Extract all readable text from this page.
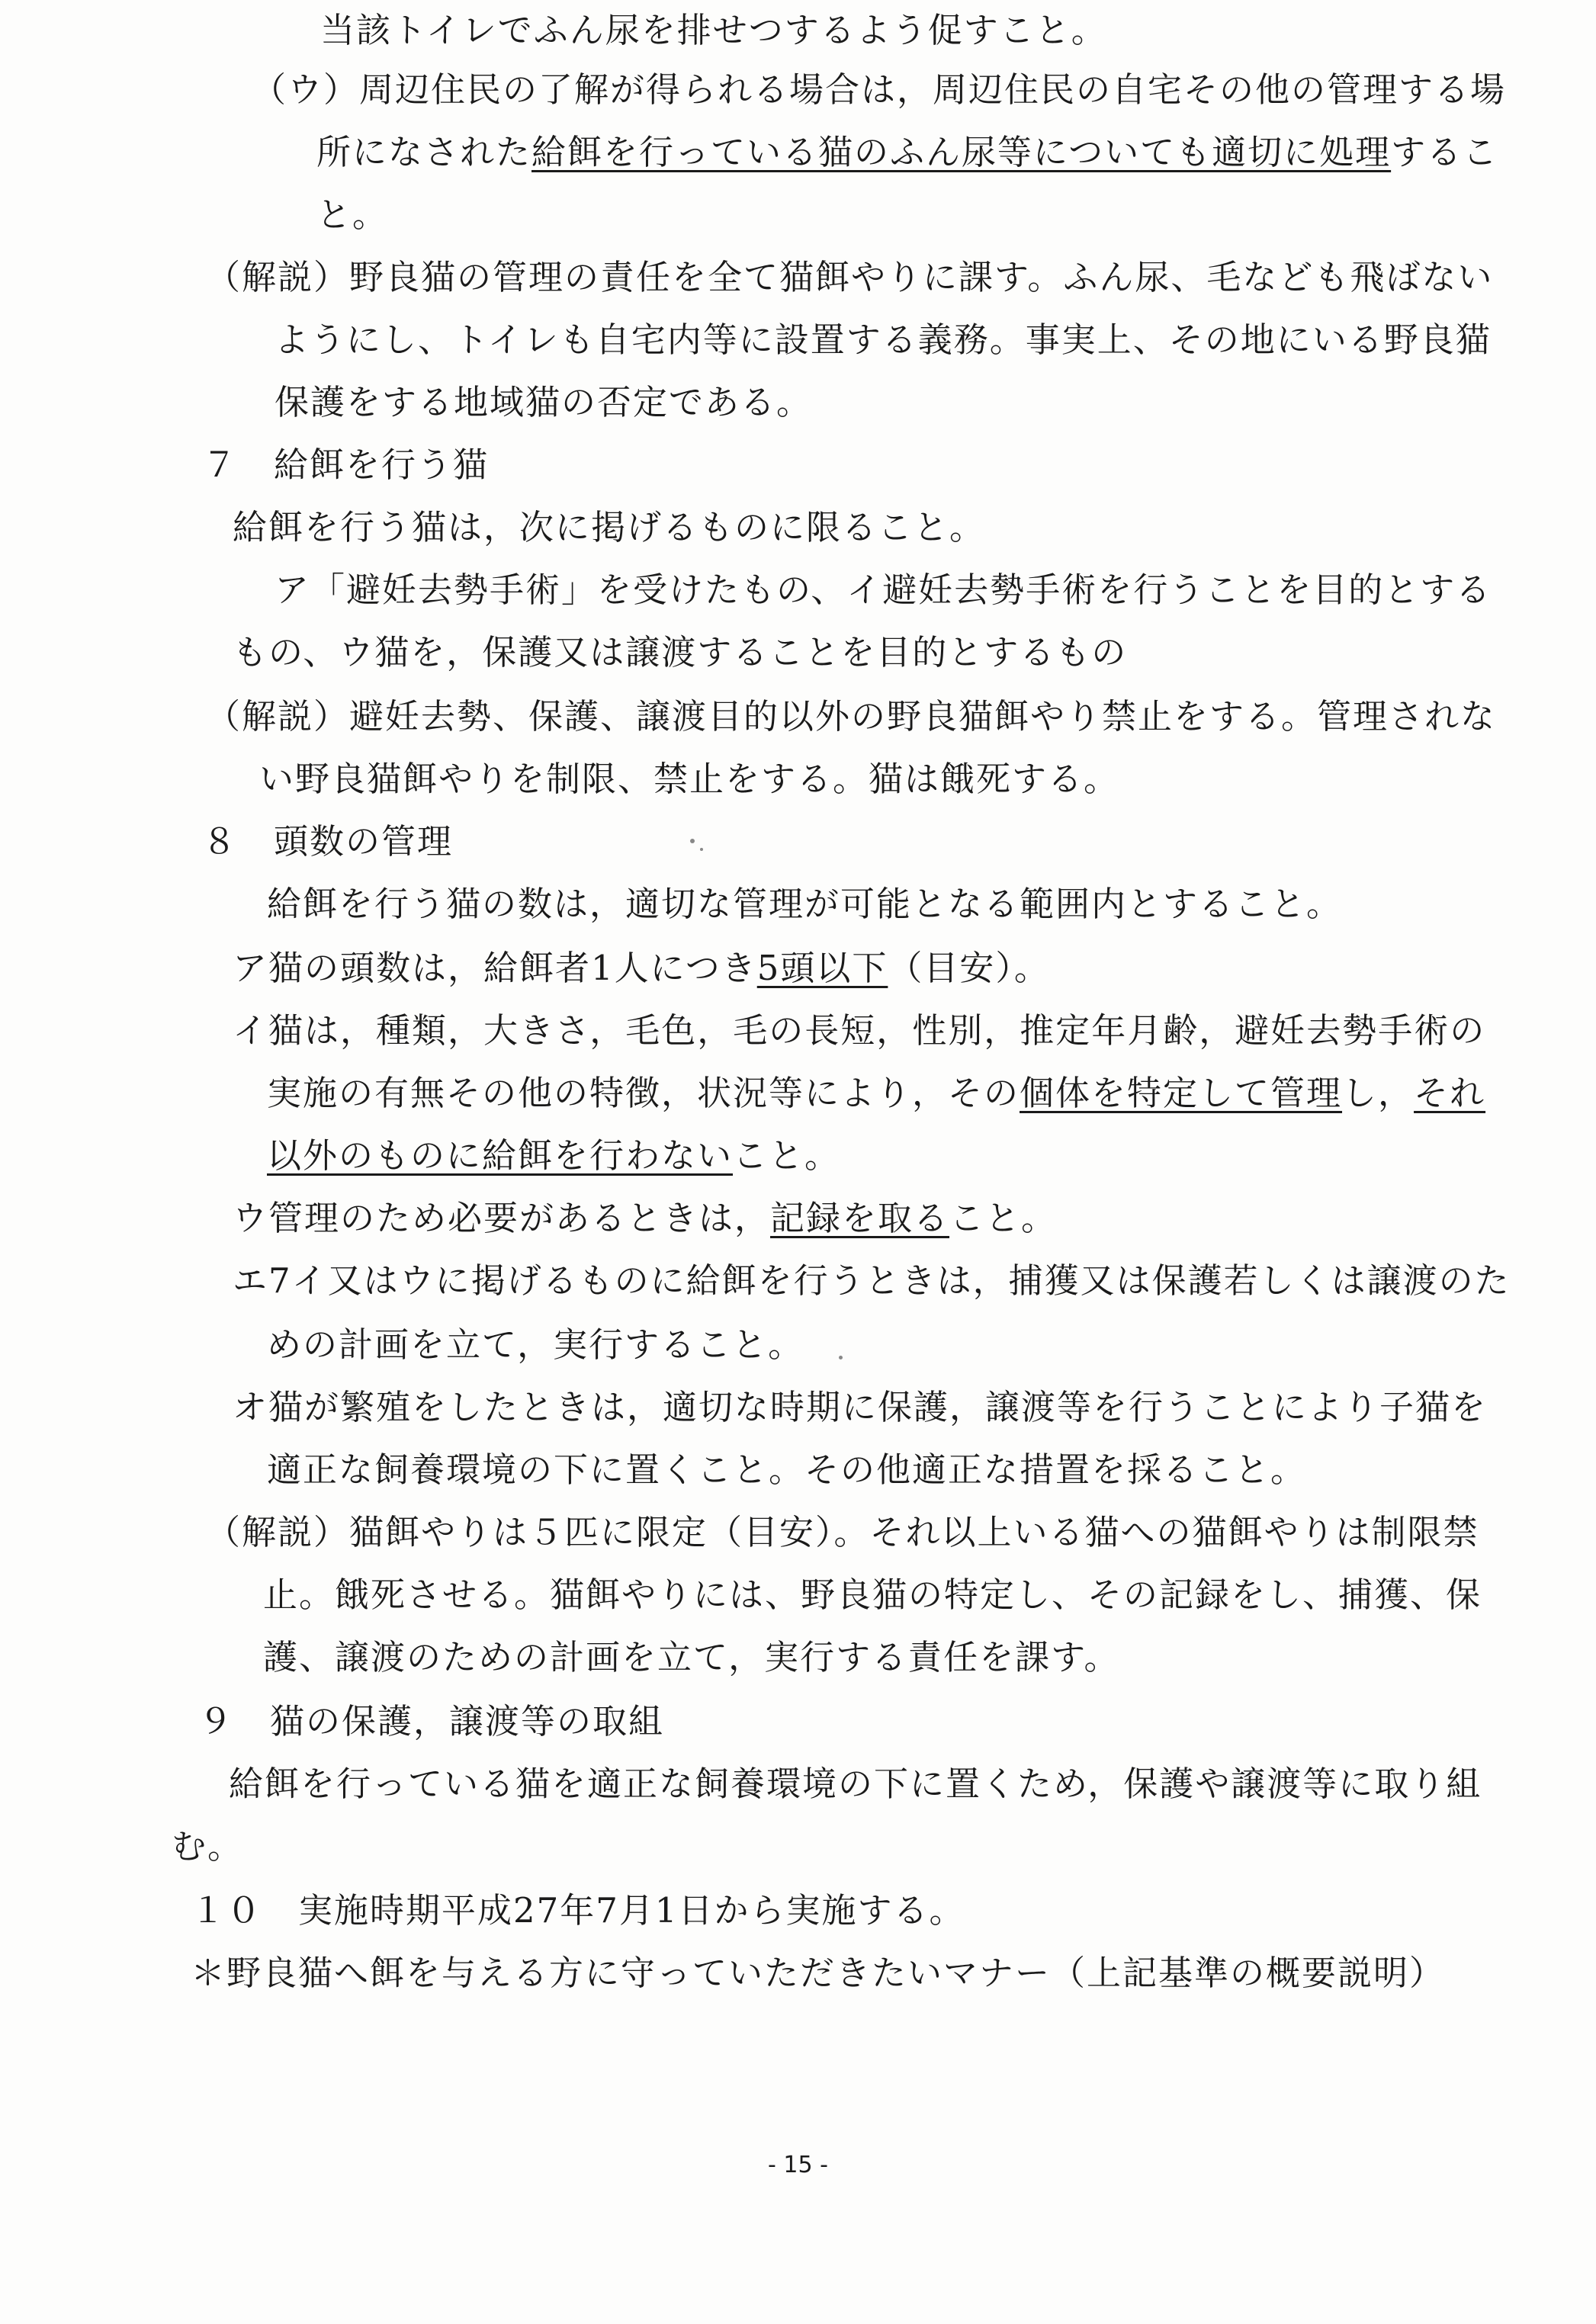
当該トイレでふん尿を排せつするよう促すこと。
（ウ）周辺住民の了解が得られる場合は，周辺住民の自宅その他の管理する場
所になされた給餌を行っている猫のふん尿等についても適切に処理するこ
と。
（解説）野良猫の管理の責任を全て猫餌やりに課す。ふん尿、毛なども飛ばない
ようにし、トイレも自宅内等に設置する義務。事実上、その地にいる野良猫
保護をする地域猫の否定である。
７　給餌を行う猫
給餌を行う猫は，次に掲げるものに限ること。
ア「避妊去勢手術」を受けたもの、イ避妊去勢手術を行うことを目的とする
もの、ウ猫を，保護又は譲渡することを目的とするもの
（解説）避妊去勢、保護、譲渡目的以外の野良猫餌やり禁止をする。管理されな
い野良猫餌やりを制限、禁止をする。猫は餓死する。
８　頭数の管理
給餌を行う猫の数は，適切な管理が可能となる範囲内とすること。
ア猫の頭数は，給餌者1人につき5頭以下（目安）。
イ猫は，種類，大きさ，毛色，毛の長短，性別，推定年月齢，避妊去勢手術の
実施の有無その他の特徴，状況等により，その個体を特定して管理し，それ
以外のものに給餌を行わないこと。
ウ管理のため必要があるときは，記録を取ること。
エ7イ又はウに掲げるものに給餌を行うときは，捕獲又は保護若しくは譲渡のた
めの計画を立て，実行すること。
オ猫が繁殖をしたときは，適切な時期に保護，譲渡等を行うことにより子猫を
適正な飼養環境の下に置くこと。その他適正な措置を採ること。
（解説）猫餌やりは５匹に限定（目安）。それ以上いる猫への猫餌やりは制限禁
止。餓死させる。猫餌やりには、野良猫の特定し、その記録をし、捕獲、保
護、譲渡のための計画を立て，実行する責任を課す。
９　猫の保護，譲渡等の取組
給餌を行っている猫を適正な飼養環境の下に置くため，保護や譲渡等に取り組
む。
１０　実施時期平成27年7月1日から実施する。
＊野良猫へ餌を与える方に守っていただきたいマナー（上記基準の概要説明）
- 15 -
